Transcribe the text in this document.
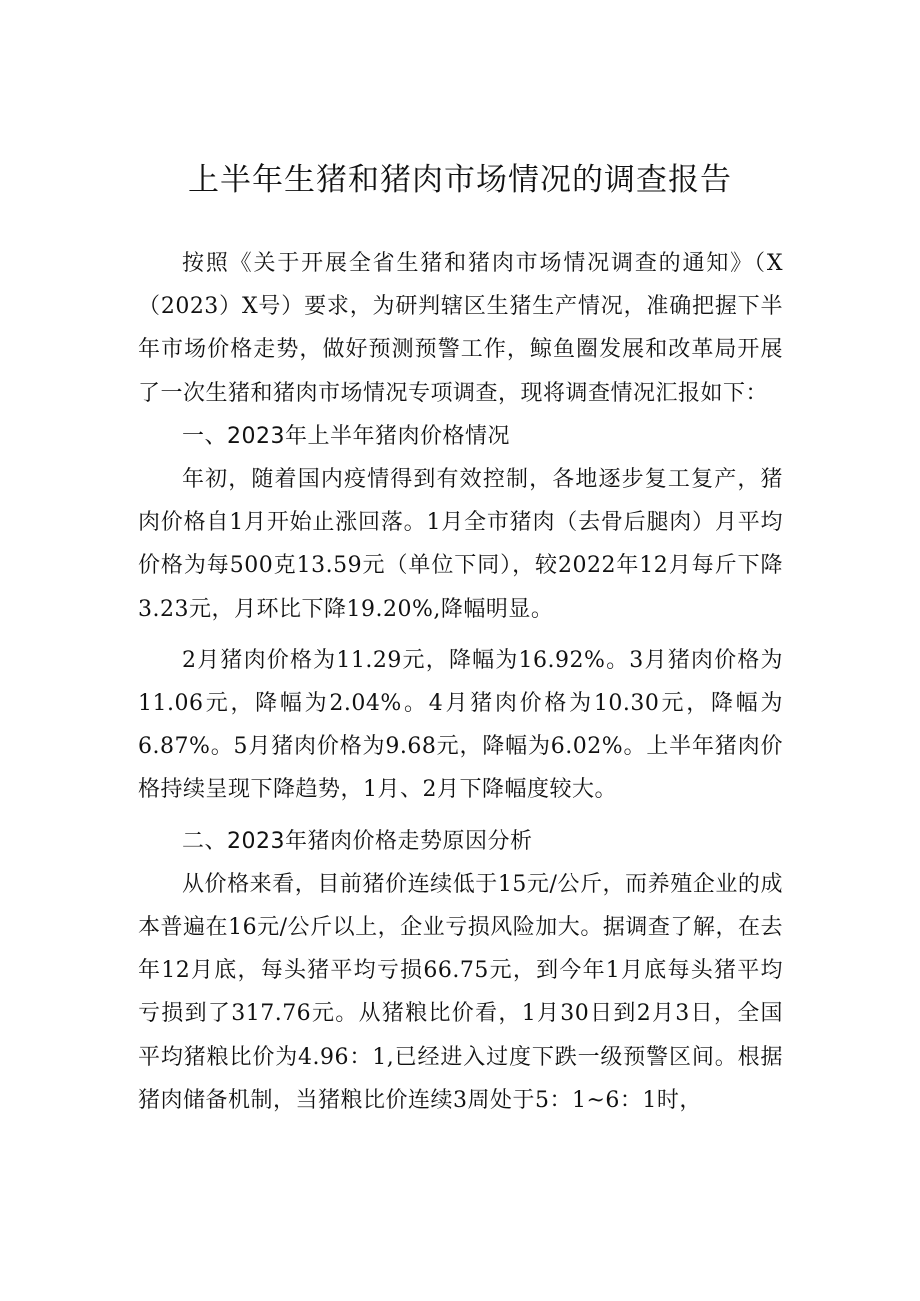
上半年生猪和猪肉市场情况的调查报告

按照《关于开展全省生猪和猪肉市场情况调查的通知》（X（2023）X号）要求，为研判辖区生猪生产情况，准确把握下半年市场价格走势，做好预测预警工作，鲸鱼圈发展和改革局开展了一次生猪和猪肉市场情况专项调查，现将调查情况汇报如下：

一、2023年上半年猪肉价格情况

年初，随着国内疫情得到有效控制，各地逐步复工复产，猪肉价格自1月开始止涨回落。1月全市猪肉（去骨后腿肉）月平均价格为每500克13.59元（单位下同），较2022年12月每斤下降3.23元，月环比下降19.20%,降幅明显。

2月猪肉价格为11.29元，降幅为16.92%。3月猪肉价格为11.06元，降幅为2.04%。4月猪肉价格为10.30元，降幅为6.87%。5月猪肉价格为9.68元，降幅为6.02%。上半年猪肉价格持续呈现下降趋势，1月、2月下降幅度较大。

二、2023年猪肉价格走势原因分析

从价格来看，目前猪价连续低于15元/公斤，而养殖企业的成本普遍在16元/公斤以上，企业亏损风险加大。据调查了解，在去年12月底，每头猪平均亏损66.75元，到今年1月底每头猪平均亏损到了317.76元。从猪粮比价看，1月30日到2月3日，全国平均猪粮比价为4.96：1,已经进入过度下跌一级预警区间。根据猪肉储备机制，当猪粮比价连续3周处于5：1~6：1时，
